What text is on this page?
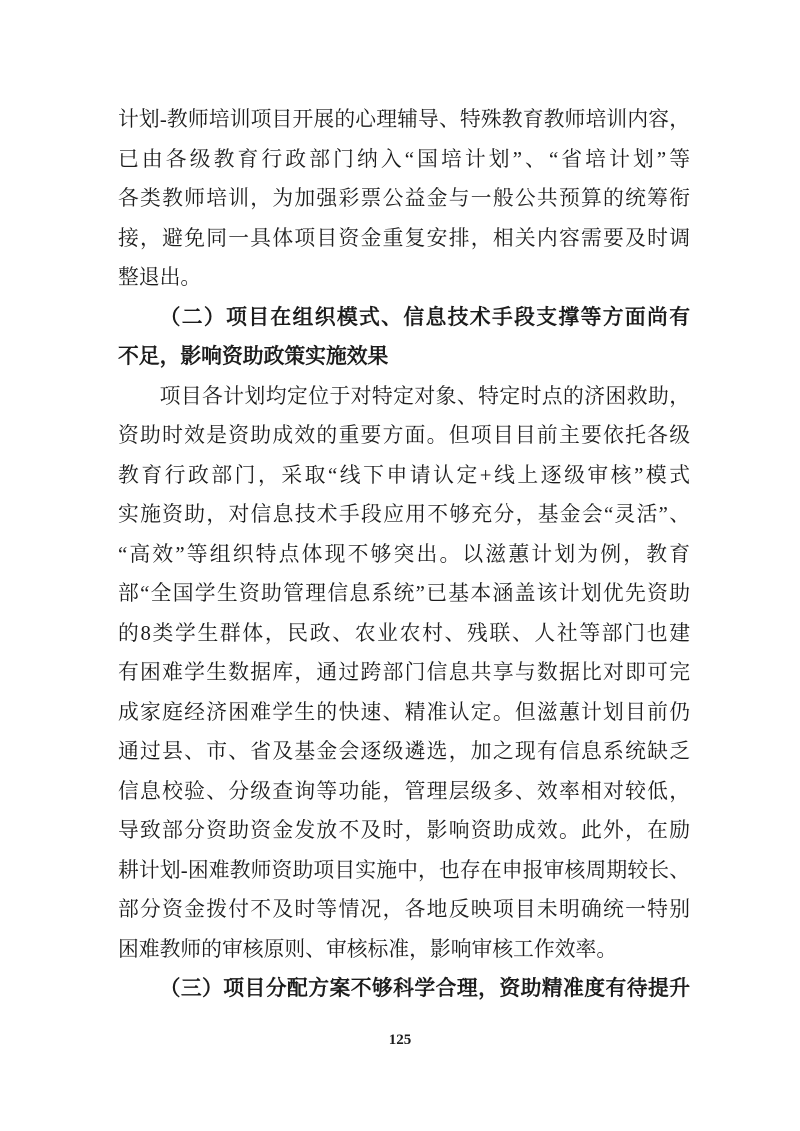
计划-教师培训项目开展的心理辅导、特殊教育教师培训内容，
已由各级教育行政部门纳入“国培计划”、“省培计划”等
各类教师培训，为加强彩票公益金与一般公共预算的统筹衔
接，避免同一具体项目资金重复安排，相关内容需要及时调
整退出。
（二）项目在组织模式、信息技术手段支撑等方面尚有
不足，影响资助政策实施效果
项目各计划均定位于对特定对象、特定时点的济困救助，
资助时效是资助成效的重要方面。但项目目前主要依托各级
教育行政部门，采取“线下申请认定+线上逐级审核”模式
实施资助，对信息技术手段应用不够充分，基金会“灵活”、
“高效”等组织特点体现不够突出。以滋蕙计划为例，教育
部“全国学生资助管理信息系统”已基本涵盖该计划优先资助
的8类学生群体，民政、农业农村、残联、人社等部门也建
有困难学生数据库，通过跨部门信息共享与数据比对即可完
成家庭经济困难学生的快速、精准认定。但滋蕙计划目前仍
通过县、市、省及基金会逐级遴选，加之现有信息系统缺乏
信息校验、分级查询等功能，管理层级多、效率相对较低，
导致部分资助资金发放不及时，影响资助成效。此外，在励
耕计划-困难教师资助项目实施中，也存在申报审核周期较长、
部分资金拨付不及时等情况，各地反映项目未明确统一特别
困难教师的审核原则、审核标准，影响审核工作效率。
（三）项目分配方案不够科学合理，资助精准度有待提升
125
